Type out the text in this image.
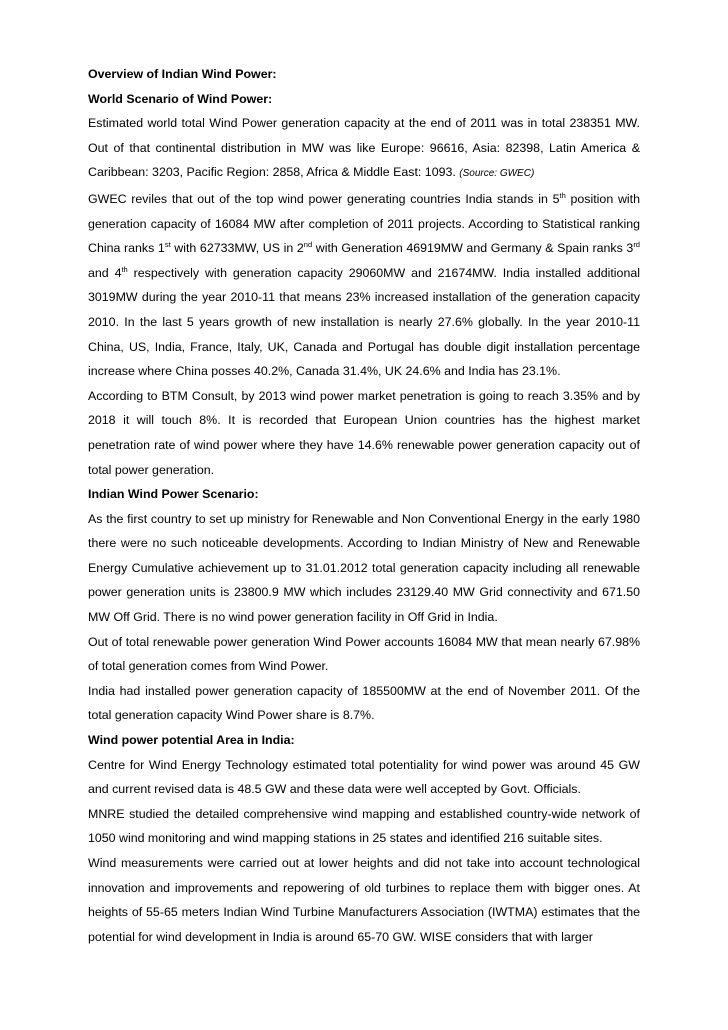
Overview of Indian Wind Power:

World Scenario of Wind Power:

Estimated world total Wind Power generation capacity at the end of 2011 was in total 238351 MW. Out of that continental distribution in MW was like Europe: 96616, Asia: 82398, Latin America & Caribbean: 3203, Pacific Region: 2858, Africa & Middle East: 1093. (Source: GWEC)

GWEC reviles that out of the top wind power generating countries India stands in 5th position with generation capacity of 16084 MW after completion of 2011 projects. According to Statistical ranking China ranks 1st with 62733MW, US in 2nd with Generation 46919MW and Germany & Spain ranks 3rd and 4th respectively with generation capacity 29060MW and 21674MW. India installed additional 3019MW during the year 2010-11 that means 23% increased installation of the generation capacity 2010. In the last 5 years growth of new installation is nearly 27.6% globally. In the year 2010-11 China, US, India, France, Italy, UK, Canada and Portugal has double digit installation percentage increase where China posses 40.2%, Canada 31.4%, UK 24.6% and India has 23.1%.

According to BTM Consult, by 2013 wind power market penetration is going to reach 3.35% and by 2018 it will touch 8%. It is recorded that European Union countries has the highest market penetration rate of wind power where they have 14.6% renewable power generation capacity out of total power generation.

Indian Wind Power Scenario:

As the first country to set up ministry for Renewable and Non Conventional Energy in the early 1980 there were no such noticeable developments. According to Indian Ministry of New and Renewable Energy Cumulative achievement up to 31.01.2012 total generation capacity including all renewable power generation units is 23800.9 MW which includes 23129.40 MW Grid connectivity and 671.50 MW Off Grid. There is no wind power generation facility in Off Grid in India.

Out of total renewable power generation Wind Power accounts 16084 MW that mean nearly 67.98% of total generation comes from Wind Power.

India had installed power generation capacity of 185500MW at the end of November 2011. Of the total generation capacity Wind Power share is 8.7%.

Wind power potential Area in India:

Centre for Wind Energy Technology estimated total potentiality for wind power was around 45 GW and current revised data is 48.5 GW and these data were well accepted by Govt. Officials.

MNRE studied the detailed comprehensive wind mapping and established country-wide network of 1050 wind monitoring and wind mapping stations in 25 states and identified 216 suitable sites.

Wind measurements were carried out at lower heights and did not take into account technological innovation and improvements and repowering of old turbines to replace them with bigger ones. At heights of 55-65 meters Indian Wind Turbine Manufacturers Association (IWTMA) estimates that the potential for wind development in India is around 65-70 GW. WISE considers that with larger
